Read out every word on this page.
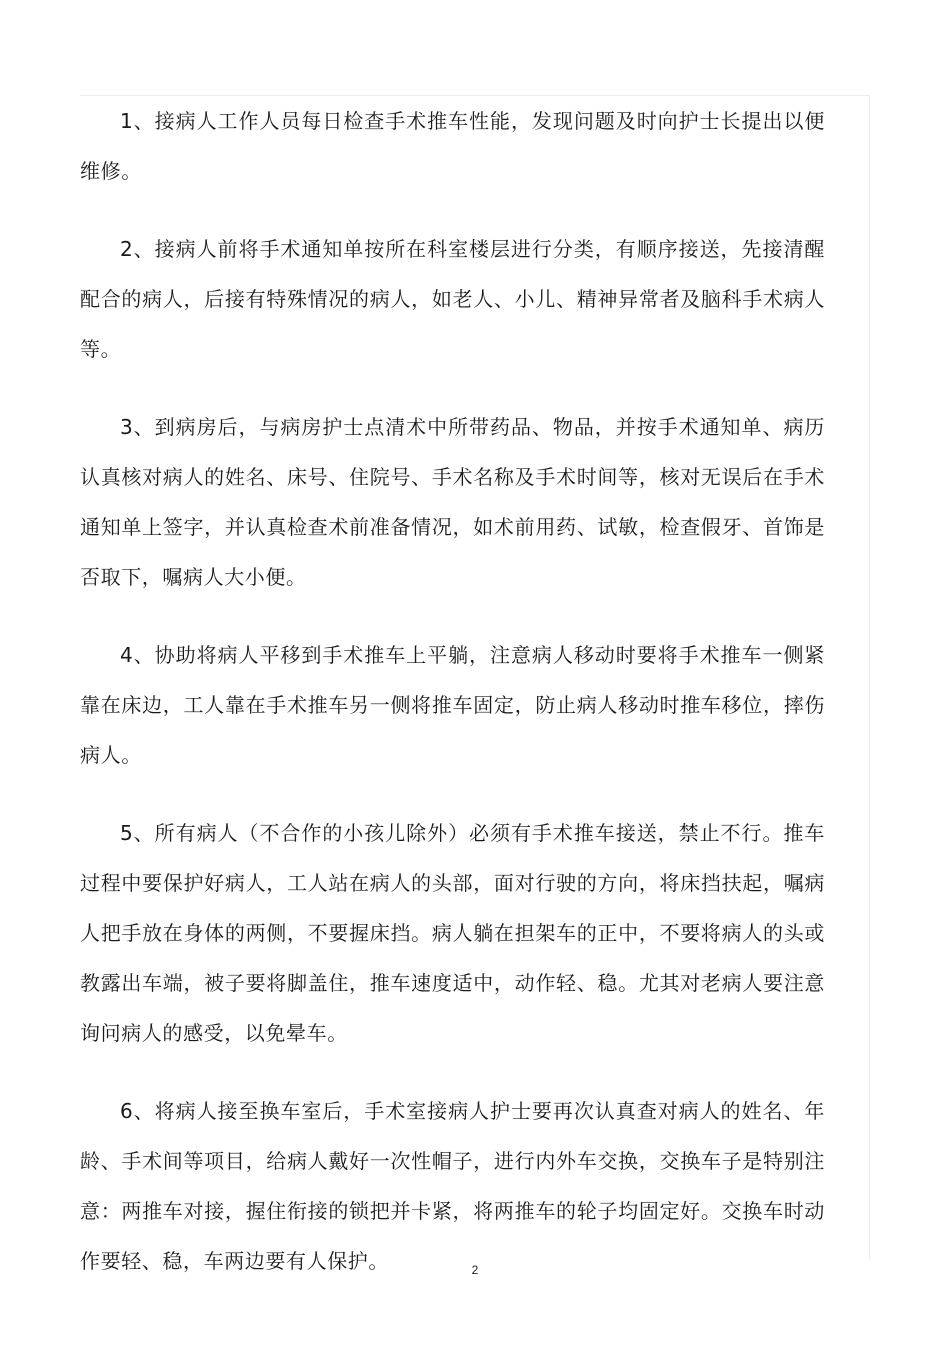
1、接病人工作人员每日检查手术推车性能，发现问题及时向护士长提出以便维修。

2、接病人前将手术通知单按所在科室楼层进行分类，有顺序接送，先接清醒配合的病人，后接有特殊情况的病人，如老人、小儿、精神异常者及脑科手术病人等。

3、到病房后，与病房护士点清术中所带药品、物品，并按手术通知单、病历认真核对病人的姓名、床号、住院号、手术名称及手术时间等，核对无误后在手术通知单上签字，并认真检查术前准备情况，如术前用药、试敏，检查假牙、首饰是否取下，嘱病人大小便。

4、协助将病人平移到手术推车上平躺，注意病人移动时要将手术推车一侧紧靠在床边，工人靠在手术推车另一侧将推车固定，防止病人移动时推车移位，摔伤病人。

5、所有病人（不合作的小孩儿除外）必须有手术推车接送，禁止不行。推车过程中要保护好病人，工人站在病人的头部，面对行驶的方向，将床挡扶起，嘱病人把手放在身体的两侧，不要握床挡。病人躺在担架车的正中，不要将病人的头或教露出车端，被子要将脚盖住，推车速度适中，动作轻、稳。尤其对老病人要注意询问病人的感受，以免晕车。

6、将病人接至换车室后，手术室接病人护士要再次认真查对病人的姓名、年龄、手术间等项目，给病人戴好一次性帽子，进行内外车交换，交换车子是特别注意：两推车对接，握住衔接的锁把并卡紧，将两推车的轮子均固定好。交换车时动作要轻、稳，车两边要有人保护。	2
